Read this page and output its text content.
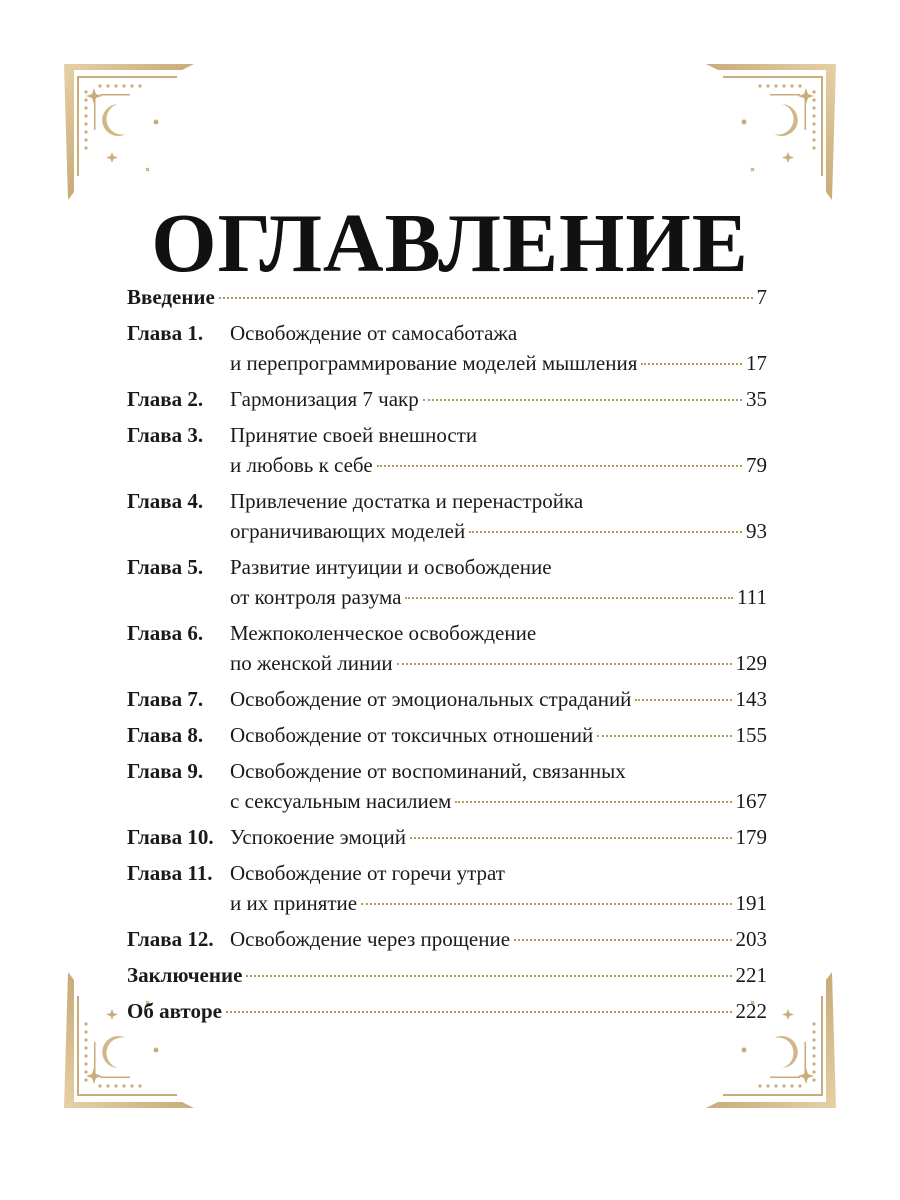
ОГЛАВЛЕНИЕ
Введение	7
Глава 1.	Освобождение от самосаботажа
и перепрограммирование моделей мышления	17
Глава 2.	Гармонизация 7 чакр	35
Глава 3.	Принятие своей внешности
и любовь к себе	79
Глава 4.	Привлечение достатка и перенастройка
ограничивающих моделей	93
Глава 5.	Развитие интуиции и освобождение
от контроля разума	111
Глава 6.	Межпоколенческое освобождение
по женской линии	129
Глава 7.	Освобождение от эмоциональных страданий	143
Глава 8.	Освобождение от токсичных отношений	155
Глава 9.	Освобождение от воспоминаний, связанных
с сексуальным насилием	167
Глава 10. Успокоение эмоций	179
Глава 11. Освобождение от горечи утрат
и их принятие	191
Глава 12. Освобождение через прощение	203
Заключение	221
Об авторе	222
